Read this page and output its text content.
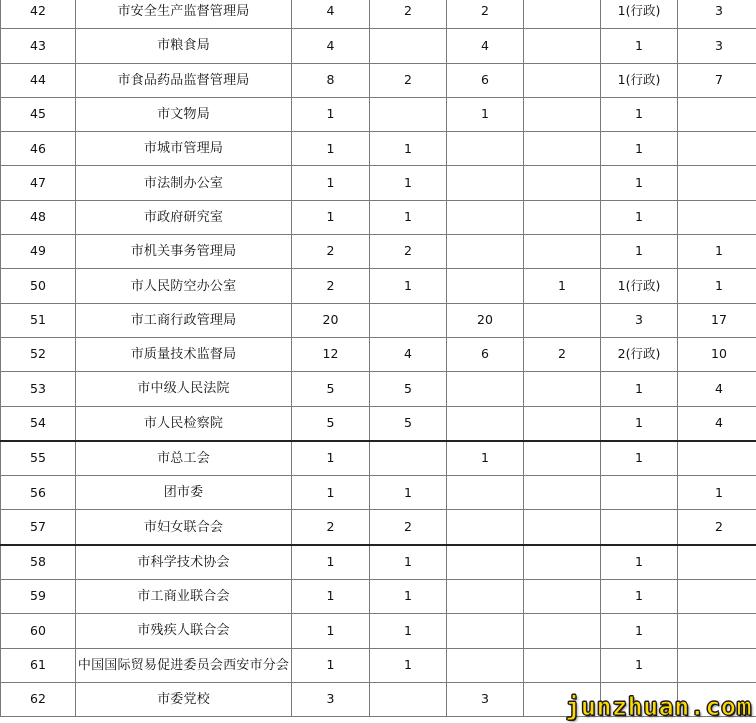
42	市安全生产监督管理局	4	2	2		1(行政)	3
43	市粮食局	4		4		1	3
44	市食品药品监督管理局	8	2	6		1(行政)	7
45	市文物局	1		1		1	
46	市城市管理局	1	1			1	
47	市法制办公室	1	1			1	
48	市政府研究室	1	1			1	
49	市机关事务管理局	2	2			1	1
50	市人民防空办公室	2	1		1	1(行政)	1
51	市工商行政管理局	20		20		3	17
52	市质量技术监督局	12	4	6	2	2(行政)	10
53	市中级人民法院	5	5			1	4
54	市人民检察院	5	5			1	4
55	市总工会	1		1		1	
56	团市委	1	1				1
57	市妇女联合会	2	2				2
58	市科学技术协会	1	1			1	
59	市工商业联合会	1	1			1	
60	市残疾人联合会	1	1			1	
61	中国国际贸易促进委员会西安市分会	1	1			1	
62	市委党校	3		3				junzhuan.com
